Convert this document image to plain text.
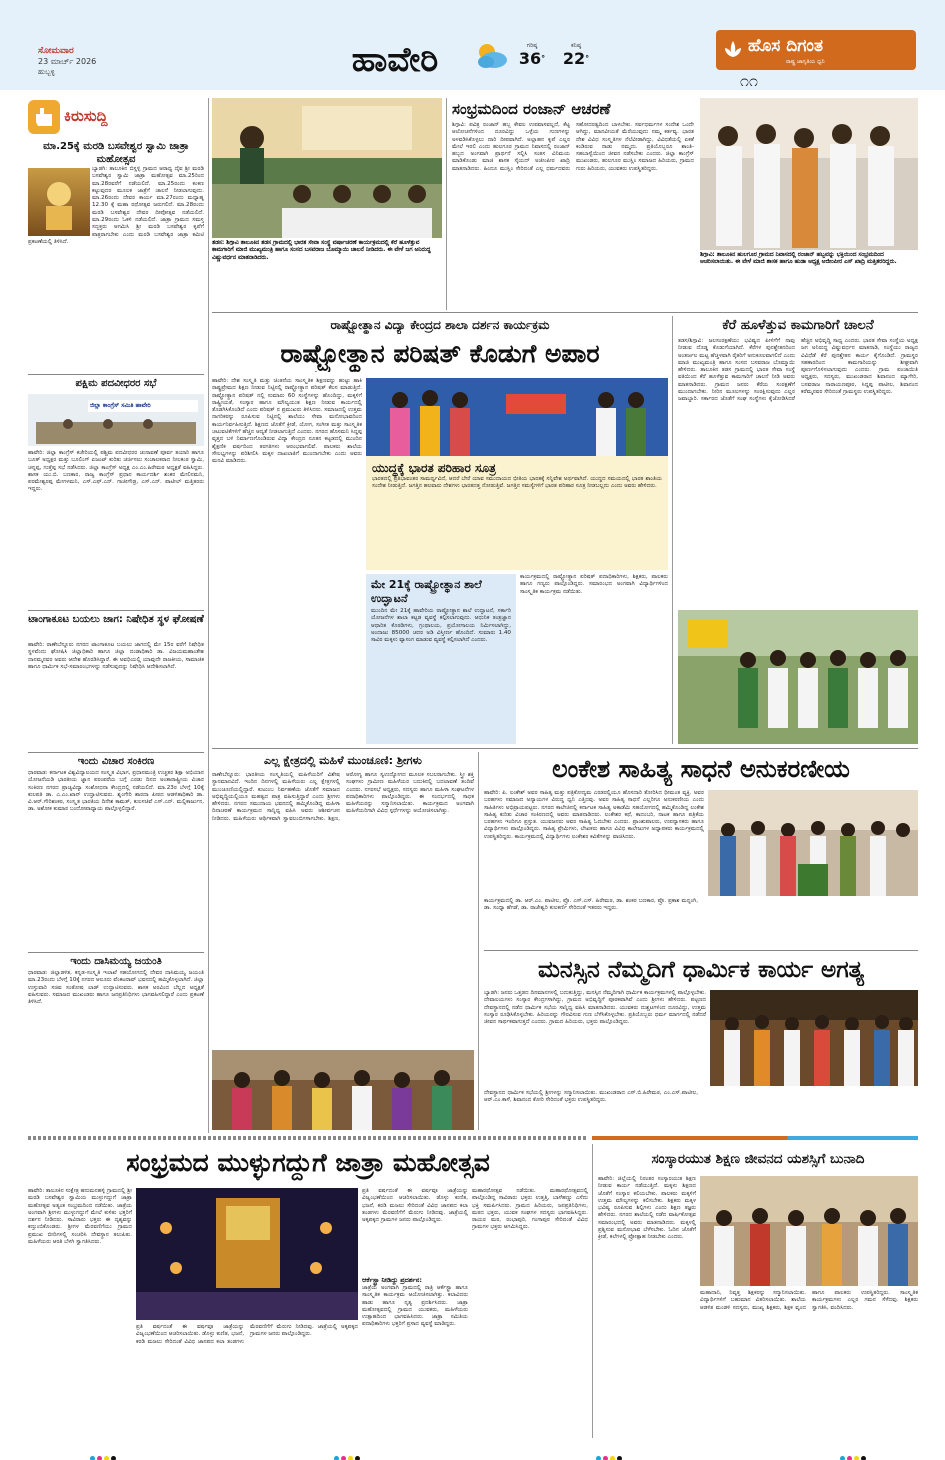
ಸೋಮವಾರ
23 ಮಾರ್ಚ್ 2026
ಹುಬ್ಬಳ್ಳಿ	ಹಾವೇರಿ	ಗರಿಷ್ಠ
36°
ಕನಿಷ್ಠ
22°
ಹೊಸ ದಿಗಂತ
ರಾಷ್ಟ್ರ ಜಾಗೃತಿಯ ಧ್ವನಿ
೧೧
ಕಿರುಸುದ್ದಿ
ಮಾ.25ಕ್ಕೆ ಮರಡಿ ಬಸವೇಶ್ವರ ಸ್ವಾಮಿ ಜಾತ್ರಾ ಮಹೋತ್ಸವ
ಬ್ಯಾಡಗಿ: ತಾಲೂಕಿನ ಬಿಸ್ಲಳ್ಳಿ ಗ್ರಾಮದ ಆರಾಧ್ಯ ದೈವ ಶ್ರೀ ಮರಡಿ ಬಸವೇಶ್ವರ ಸ್ವಾಮಿ ಜಾತ್ರಾ ಮಹೋತ್ಸವ ಮಾ.25ರಿಂದ ಮಾ.28ರವರೆಗೆ ನಡೆಯಲಿದೆ. ಮಾ.25ರಂದು ಕಂಕಣ ಕಟ್ಟುವುದರ ಮೂಲಕ ಜಾತ್ರೆಗೆ ಚಾಲನೆ ನೀಡಲಾಗುವುದು. ಮಾ.26ರಂದು ದೇವರ ಕಾರ್ಯ ಮಾ.27ರಂದು ಮಧ್ಯಾಹ್ನ 12.30 ಕ್ಕೆ ಮಹಾ ರಥೋತ್ಸವ ಜರುಗಲಿದೆ. ಮಾ.28ರಂದು ಮರಡಿ ಬಸವೇಶ್ವರ ದೇವರ ದೀಪೋತ್ಸವ ನಡೆಯಲಿದೆ. ಮಾ.29ರಂದು ಓಕಳಿ ನಡೆಯಲಿದೆ. ಜಾತ್ರಾ ಗ್ರಾಮದ ಸಮಸ್ತ ಸದ್ಭಕ್ತರು ಆಗಮಿಸಿ ಶ್ರೀ ಮರಡಿ ಬಸವೇಶ್ವರ ಕೃಪೆಗೆ ಪಾತ್ರರಾಗಬೇಕು ಎಂದು ಮರಡಿ ಬಸವೇಶ್ವರ ಜಾತ್ರಾ ಕಮಿಟಿ ಪ್ರಕಟಣೆಯಲ್ಲಿ ತಿಳಿಸಿದೆ.
ಪಕ್ಷಿಮ ಪದವೀಧರರ ಸಭೆ
ಜಿಲ್ಲಾ ಕಾಂಗ್ರೆಸ್ ಸಮಿತಿ ಹಾವೇರಿ
ಹಾವೇರಿ: ಜಿಲ್ಲಾ ಕಾಂಗ್ರೆಸ್ ಕಚೇರಿಯಲ್ಲಿ ಪಶ್ಚಿಮ ಪದವೀಧರರ ಚುನಾವಣೆ ಪೂರ್ವ ತಯಾರಿ ಹಾಗೂ ಬೂತ್ ಅಧ್ಯಕ್ಷರ ಮತ್ತು ಬೂಲಿಂಗ್ ಏಜಂಟ್ ಕುರಿತು ಚರ್ಚಿಸಲು ಸಂಚಾಲಕರಾದ ನೀಲಕಂಠ ಸ್ವಾಮಿ, ಚನ್ನಪ್ಪ, ಗುತ್ತೆಪ್ಪ ಸಭೆ ನಡೆಸಿದರು. ಜಿಲ್ಲಾ ಕಾಂಗ್ರೆಸ್ ಅಧ್ಯಕ್ಷ ಎಂ.ಎಂ.ಹಿರೇಮಠ ಅಧ್ಯಕ್ಷತೆ ವಹಿಸಿದ್ದರು. ಶಾಸಕ ಯು.ಬಿ. ಬಣಕಾರ, ರಾಜ್ಯ ಕಾಂಗ್ರೆಸ್ ಪ್ರಧಾನ ಕಾರ್ಯದರ್ಶಿ ಶಂಕರ ಮೇಲಿನಮನಿ, ಪರಮೇಶ್ವರಪ್ಪ ಮೇಗಳಮನಿ, ಎಸ್.ಎಫ್.ಎನ್. ಗಾಜೀಗೌಡ್ರ, ಎಸ್.ಎನ್. ಪಾಟೀಲ್ ಮತ್ತಿತರರು ಇದ್ದರು.
ಟಾಂಗಾಕೂಟ ಬಯಲು ಜಾಗ: ನಿಷೇಧಿತ ಸ್ಥಳ ಘೋಷಣೆ
ಹಾವೇರಿ: ರಾಣೇಬೆನ್ನೂರು ನಗರದ ಟಾಂಗಾಕೂಟ ಬಯಲು ಜಾಗದಲ್ಲಿ ಮೇ 15ರ ವರೆಗೆ ನಿಷೇಧಿತ ಸ್ಥಳವೆಂದು ಘೋಷಿಸಿ ಜಿಲ್ಲಾಧಿಕಾರಿ ಹಾಗೂ ಜಿಲ್ಲಾ ದಂಡಾಧಿಕಾರಿ ಡಾ. ವಿಜಯಮಹಾಂತೇಶ ದಾನಮ್ಮನವರ ಅವರು ಆದೇಶ ಹೊರಡಿಸಿದ್ದಾರೆ. ಈ ಅವಧಿಯಲ್ಲಿ ಯಾವುದೇ ರಾಜಕೀಯ, ಸಾಮಾಜಿಕ ಹಾಗೂ ಧಾರ್ಮಿಕ ಸಭೆ-ಸಮಾರಂಭಗಳನ್ನು ನಡೆಸುವುದನ್ನು ನಿಷೇಧಿಸಿ ಆದೇಶಿಸಲಾಗಿದೆ.
ಇಂದು ವಿಚಾರ ಸಂಕಿರಣ
ಧಾರವಾಡ: ಕರ್ನಾಟಕ ವಿಶ್ವವಿದ್ಯಾಲಯದ ಸಂಸ್ಕೃತ ವಿಭಾಗ, ಪ್ರಧಾನಮಂತ್ರಿ ಉಚ್ಚತರ ಶಿಕ್ಷಾ ಅಭಿಯಾನ ಯೋಜನೆಯಡಿ ಭಾರತೀಯ ಜ್ಞಾನ ಪರಂಪರೆಯ ಬಗ್ಗೆ ಎರಡು ದಿನದ ಅಂತಾರಾಷ್ಟ್ರೀಯ ವಿಚಾರ ಸಂಕಿರಣ ನಗರದ ಪ್ರಾಚ್ಯವಿದ್ಯಾ ಸಂಶೋಧನಾ ಕೇಂದ್ರದಲ್ಲಿ ನಡೆಯಲಿದೆ. ಮಾ.23ರ ಬೆಳಗ್ಗೆ 10ಕ್ಕೆ ಕುಲಪತಿ ಡಾ. ಎ.ಎಂ.ಖಾನ್ ಉದ್ಘಾಟಿಸುವರು. ಶೃಂಗೇರಿ ಶಾರದಾ ಪೀಠದ ಆಡಳಿತಾಧಿಕಾರಿ ಡಾ. ವಿ.ಆರ್.ಗೌರಿಶಂಕರ, ಸಂಸ್ಕೃತ ಭಾರತಿಯ ದಿನೇಶ ಕಾಮತ್, ಕುಲಸಚಿವೆ ಎಸ್.ಎನ್. ಮಲ್ಲಿಕಾರ್ಜುನ, ಡಾ. ಅಶೋಕ ಕುಮಾರ ಬಂದೋಪಾಧ್ಯಾಯ ಪಾಲ್ಗೊಳ್ಳಲಿದ್ದಾರೆ.
ಇಂದು ದಾಸಿಮಯ್ಯ ಜಯಂತಿ
ಧಾರವಾಡ: ಜಿಲ್ಲಾಡಳಿತ, ಕನ್ನಡ-ಸಂಸ್ಕೃತಿ ಇಲಾಖೆ ಸಹಯೋಗದಲ್ಲಿ ದೇವರ ದಾಸಿಮಯ್ಯ ಜಯಂತಿ ಮಾ.23ರಂದು ಬೆಳಗ್ಗೆ 10ಕ್ಕೆ ನಗರದ ಆಲೂರು ವೆಂಕಟರಾವ್ ಭವನದಲ್ಲಿ ಹಮ್ಮಿಕೊಳ್ಳಲಾಗಿದೆ. ಜಿಲ್ಲಾ ಉಸ್ತುವಾರಿ ಸಚಿವ ಸಂತೋಷ ಲಾಡ್ ಉದ್ಘಾಟಿಸುವರು. ಶಾಸಕ ಅರವಿಂದ ಬೆಲ್ಲದ ಅಧ್ಯಕ್ಷತೆ ವಹಿಸುವರು. ಸಮಾಜದ ಮುಖಂಡರು ಹಾಗೂ ಜನಪ್ರತಿನಿಧಿಗಳು ಭಾಗವಹಿಸಲಿದ್ದಾರೆ ಎಂದು ಪ್ರಕಟಣೆ ತಿಳಿಸಿದೆ.
ತಡಸ: ಶಿಗ್ಗಾವಿ ತಾಲೂಕಿನ ತಡಸ ಗ್ರಾಮದಲ್ಲಿ ಭಾರತ ಸೇವಾ ಸಂಸ್ಥೆ ವರ್ಷಾಚರಣೆ ಕಾರ್ಯಕ್ರಮದಲ್ಲಿ ಕೆರೆ ಹೂಳೆತ್ತುವ ಕಾಮಗಾರಿಗೆ ಮಾಜಿ ಮುಖ್ಯಮಂತ್ರಿ ಹಾಗೂ ಸಂಸದ ಬಸವರಾಜ ಬೊಮ್ಮಾಯಿ ಚಾಲನೆ ನೀಡಿದರು. ಈ ವೇಳೆ ಜಗ ಅನಿರುದ್ಧ ವಿಷ್ಣುವರ್ಧನ ಮಾತನಾಡಿದರು.
ಸಂಭ್ರಮದಿಂದ ರಂಜಾನ್ ಆಚರಣೆ
ಶಿಗ್ಗಾವಿ: ಪವಿತ್ರ ರಂಜಾನ್ ಹಬ್ಬ ಕೇವಲ ಉಪವಾಸವಲ್ಲದೆ, ಕೆಟ್ಟ ಆಲೋಚನೆಗಳಿಂದ ದೂರವಿದ್ದು ಒಳ್ಳೆಯ ಗುಣಗಳನ್ನು ಅಳವಡಿಸಿಕೊಳ್ಳಲು ದಾರಿ ದೀಪವಾಗಿದೆ. ಅಲ್ಲಾಹನ ಕೃಪೆ ಎಲ್ಲರ ಮೇಲೆ ಇರಲಿ ಎಂದು ಹುಲಗೂರ ಗ್ರಾಮದ ನಿವಾಸದಲ್ಲಿ ರಂಜಾನ್ ಹಬ್ಬದ ಅಂಗವಾಗಿ ಪ್ರಾರ್ಥನೆ ಸಲ್ಲಿಸಿ ಸಂತಸ ವಿನಿಮಯ ಮಾಡಿಕೊಂಡು ಮಾಜಿ ಶಾಸಕ ಸೈಯದ್ ಅಜೀಂಪೀರ ಖಾದ್ರಿ ಮಾತನಾಡಿದರು. ಹಿಂದೂ ಮುಸ್ಲಿಂ ಸೇರಿದಂತೆ ಎಲ್ಲ ಧರ್ಮದವರು ಸಹೋದರತ್ವದಿಂದ ಬಾಳಬೇಕು. ಸರ್ವಧರ್ಮಗಳ ಸಂದೇಶ ಒಂದೇ ಆಗಿದ್ದು, ಮಾನವೀಯತೆ ಮೆರೆಯುವುದು ನಮ್ಮ ಕರ್ತವ್ಯ. ಭಾರತ ದೇಶ ವಿವಿಧ ಸಂಸ್ಕೃತಿಗಳ ನೆಲೆವೀಡಾಗಿದ್ದು, ವಿವಿಧತೆಯಲ್ಲಿ ಏಕತೆ ಕಂಡಿರುವ ನಾಡು ನಮ್ಮದು. ಪ್ರತಿಯೊಬ್ಬರೂ ಶಾಂತಿ-ಸಹಬಾಳ್ವೆಯಿಂದ ಜೀವನ ನಡೆಸಬೇಕು ಎಂದರು. ಜಿಲ್ಲಾ ಕಾಂಗ್ರೆಸ್ ಮುಖಂಡರು, ಹುಲಗೂರ ಮುಸ್ಲಿಂ ಸಮಾಜದ ಹಿರಿಯರು, ಗ್ರಾಮದ ಗುರು ಹಿರಿಯರು, ಯುವಕರು ಉಪಸ್ಥಿತರಿದ್ದರು.
ಶಿಗ್ಗಾವಿ: ತಾಲೂಕಿನ ಹುಲಗೂರ ಗ್ರಾಮದ ನಿವಾಸದಲ್ಲಿ ರಂಜಾನ್ ಹಬ್ಬವನ್ನು ಭಕ್ತಿಯಿಂದ ಸಂಭ್ರಮದಿಂದ ಆಚರಿಸಲಾಯಿತು. ಈ ವೇಳೆ ಮಾಜಿ ಶಾಸಕ ಹಾಗೂ ಹುಡಾ ಅಧ್ಯಕ್ಷ ಅಜೀಂಪೀರ ಎಸ್ ಖಾದ್ರಿ ಮತ್ತಿತರರಿದ್ದರು.
ರಾಷ್ಟ್ರೋತ್ಥಾನ ವಿದ್ಯಾ ಕೇಂದ್ರದ ಶಾಲಾ ದರ್ಶನ ಕಾರ್ಯಕ್ರಮ
ರಾಷ್ಟ್ರೋತ್ಥಾನ ಪರಿಷತ್ ಕೊಡುಗೆ ಅಪಾರ
ಹಾವೇರಿ: ದೇಶ ಸಂಸ್ಕೃತಿ ಮತ್ತು ಚಿಂತನೆಯ ಸಾಂಸ್ಕೃತಿಕ ಶಿಕ್ಷಣವನ್ನು ಹುಟ್ಟು ಹಾಕಿ ರಾಷ್ಟ್ರಪ್ರೇಮದ ಶಿಕ್ಷಣ ನೀಡುವ ನಿಟ್ಟಿನಲ್ಲಿ ರಾಷ್ಟ್ರೋತ್ಥಾನ ಪರಿಷತ್ ಕೆಲಸ ಮಾಡುತ್ತಿದೆ. ರಾಷ್ಟ್ರೋತ್ಥಾನ ಪರಿಷತ್ ನಲ್ಲಿ ಸುಮಾರು 60 ಸಂಸ್ಥೆಗಳನ್ನು ಹೊಂದಿದ್ದು, ಮಕ್ಕಳಿಗೆ ರಾಷ್ಟ್ರೀಯತೆ, ಸಂಸ್ಕಾರ ಹಾಗೂ ಮೌಲ್ಯಯುತ ಶಿಕ್ಷಣ ನೀಡುವ ಕಾರ್ಯದಲ್ಲಿ ತೊಡಗಿಸಿಕೊಂಡಿದೆ ಎಂದು ಪರಿಷತ್ ನ ಪ್ರಮುಖರು ತಿಳಿಸಿದರು. ಸಮಾಜದಲ್ಲಿ ಉತ್ತಮ ನಾಗರಿಕರನ್ನು ರೂಪಿಸುವ ನಿಟ್ಟಿನಲ್ಲಿ ಶಾಲೆಯು ಸೇವಾ ಮನೋಭಾವದಿಂದ ಕಾರ್ಯನಿರ್ವಹಿಸುತ್ತಿದೆ. ಶಿಕ್ಷಣದ ಜೊತೆಗೆ ಕ್ರೀಡೆ, ಯೋಗ, ಸಂಗೀತ ಮತ್ತು ಸಾಂಸ್ಕೃತಿಕ ಚಟುವಟಿಕೆಗಳಿಗೆ ಹೆಚ್ಚಿನ ಆದ್ಯತೆ ನೀಡಲಾಗುತ್ತಿದೆ ಎಂದರು. ನಗರದ ಹೊಸಮನಿ ಸಿದ್ದಪ್ಪ ವೃತ್ತದ ಬಳಿ ನಿರ್ಮಾಣಗೊಂಡಿರುವ ವಿದ್ಯಾ ಕೇಂದ್ರದ ನೂತನ ಕಟ್ಟಡದಲ್ಲಿ ಮುಂದಿನ ಶೈಕ್ಷಣಿಕ ವರ್ಷದಿಂದ ತರಗತಿಗಳು ಆರಂಭವಾಗಲಿವೆ. ಪಾಲಕರು ಶಾಲೆಯ ಸೌಲಭ್ಯಗಳನ್ನು ಪರಿಶೀಲಿಸಿ ಮಕ್ಕಳ ದಾಖಲಾತಿಗೆ ಮುಂದಾಗಬೇಕು ಎಂದು ಅವರು ಮನವಿ ಮಾಡಿದರು.	ಯುದ್ಧಕ್ಕೆ ಭಾರತ ಪರಿಹಾರ ಸೂತ್ರ
ಭಾರತದಲ್ಲಿ ಪ್ರತಿಭಾವಂತರ ಸಾಮರ್ಥ್ಯವಿದೆ, ಆದರೆ ಬೇರೆ ಯಾವ ಸಮುದಾಯದ ಭೀತಿಯ ಭಾರತಕ್ಕೆ ಸನ್ನಿವೇಶ ಅರ್ಥವಾಗಿದೆ. ಯುದ್ಧದ ಸಮಯದಲ್ಲಿ ಭಾರತ ಶಾಂತಿಯ ಸಂದೇಶ ನೀಡುತ್ತಿದೆ. ಜಗತ್ತಿನ ಹಲವಾರು ದೇಶಗಳು ಭಾರತದತ್ತ ನೋಡುತ್ತಿವೆ. ಜಗತ್ತಿನ ಸಮಸ್ಯೆಗಳಿಗೆ ಭಾರತ ಪರಿಹಾರ ಸೂತ್ರ ನೀಡಬಲ್ಲದು ಎಂದು ಅವರು ಹೇಳಿದರು.
ಮೇ 21ಕ್ಕೆ ರಾಷ್ಟ್ರೋತ್ಥಾನ ಶಾಲೆ ಉದ್ಘಾಟನೆ
ಮುಂದಿನ ಮೇ 21ಕ್ಕೆ ಹಾವೇರಿಯ ರಾಷ್ಟ್ರೋತ್ಥಾನ ಶಾಲೆ ಉದ್ಘಾಟನೆ, ಸರ್ಕಾರಿ ಯೋಜನೆಗಳ ಶಾಲಾ ಕಟ್ಟಡ ವ್ಯವಸ್ಥೆ ಕಲ್ಪಿಸಲಾಗುವುದು. ಆಧುನಿಕ ತಂತ್ರಜ್ಞಾನ ಆಧಾರಿತ ಕೊಠಡಿಗಳು, ಗ್ರಂಥಾಲಯ, ಪ್ರಯೋಗಾಲಯ ನಿರ್ಮಿಸಲಾಗಿದ್ದು, ಅಂದಾಜು 85000 ಚದರ ಅಡಿ ವಿಸ್ತೀರ್ಣ ಹೊಂದಿದೆ. ಸುಮಾರು 1.40 ಸಾವಿರ ಮಕ್ಕಳು ವ್ಯಾಸಂಗ ಮಾಡುವ ವ್ಯವಸ್ಥೆ ಕಲ್ಪಿಸಲಾಗಿದೆ ಎಂದರು.
ಕಾರ್ಯಕ್ರಮದಲ್ಲಿ ರಾಷ್ಟ್ರೋತ್ಥಾನ ಪರಿಷತ್ ಪದಾಧಿಕಾರಿಗಳು, ಶಿಕ್ಷಕರು, ಪಾಲಕರು ಹಾಗೂ ಗಣ್ಯರು ಪಾಲ್ಗೊಂಡಿದ್ದರು. ಸಮಾರಂಭದ ಅಂಗವಾಗಿ ವಿದ್ಯಾರ್ಥಿಗಳಿಂದ ಸಾಂಸ್ಕೃತಿಕ ಕಾರ್ಯಕ್ರಮ ನಡೆಯಿತು.
ಕೆರೆ ಹೂಳೆತ್ತುವ ಕಾಮಗಾರಿಗೆ ಚಾಲನೆ
ತಡಸ/ಶಿಗ್ಗಾವಿ: ಜಲಸಂರಕ್ಷಣೆಯು ಭವಿಷ್ಯದ ಪೀಳಿಗೆಗೆ ನಾವು ನೀಡುವ ದೊಡ್ಡ ಕೊಡುಗೆಯಾಗಿದೆ. ಕೆರೆಗಳ ಪುನಶ್ಚೇತನದಿಂದ ಅಂತರ್ಜಲ ಮಟ್ಟ ಹೆಚ್ಚಳವಾಗಿ ರೈತರಿಗೆ ಅನುಕೂಲವಾಗಲಿದೆ ಎಂದು ಮಾಜಿ ಮುಖ್ಯಮಂತ್ರಿ ಹಾಗೂ ಸಂಸದ ಬಸವರಾಜ ಬೊಮ್ಮಾಯಿ ಹೇಳಿದರು. ತಾಲೂಕಿನ ತಡಸ ಗ್ರಾಮದಲ್ಲಿ ಭಾರತ ಸೇವಾ ಸಂಸ್ಥೆ ವತಿಯಿಂದ ಕೆರೆ ಹೂಳೆತ್ತುವ ಕಾಮಗಾರಿಗೆ ಚಾಲನೆ ನೀಡಿ ಅವರು ಮಾತನಾಡಿದರು. ಗ್ರಾಮದ ಜನರು ಕೆರೆಯ ಸಂರಕ್ಷಣೆಗೆ ಮುಂದಾಗಬೇಕು. ನೀರಿನ ಮೂಲಗಳನ್ನು ಸಂರಕ್ಷಿಸುವುದು ಎಲ್ಲರ ಜವಾಬ್ದಾರಿ. ಸರ್ಕಾರದ ಜೊತೆಗೆ ಸಂಘ ಸಂಸ್ಥೆಗಳು ಕೈಜೋಡಿಸಿದರೆ ಹೆಚ್ಚಿನ ಅಭಿವೃದ್ಧಿ ಸಾಧ್ಯ ಎಂದರು. ಭಾರತ ಸೇವಾ ಸಂಸ್ಥೆಯ ಅಧ್ಯಕ್ಷ ಜಗ ಅನಿರುದ್ಧ ವಿಷ್ಣುವರ್ಧನ ಮಾತನಾಡಿ, ಸಂಸ್ಥೆಯು ರಾಜ್ಯದ ವಿವಿಧೆಡೆ ಕೆರೆ ಪುನಶ್ಚೇತನ ಕಾರ್ಯ ಕೈಗೊಂಡಿದೆ. ಗ್ರಾಮಸ್ಥರ ಸಹಕಾರದಿಂದ ಕಾಮಗಾರಿಯನ್ನು ಶೀಘ್ರವಾಗಿ ಪೂರ್ಣಗೊಳಿಸಲಾಗುವುದು ಎಂದರು. ಗ್ರಾಮ ಪಂಚಾಯಿತಿ ಅಧ್ಯಕ್ಷರು, ಸದಸ್ಯರು, ಮುಖಂಡರಾದ ಶಿವಾನಂದ ಮ್ಯಾಗೇರಿ, ಬಸವರಾಜ ನಾರಾಯಣಪೂರ, ಸಿದ್ದಪ್ಪ ಪಾಟೀಲ, ಶಿವಾನಂದ ಕರೆಮ್ಮನವರ ಸೇರಿದಂತೆ ಗ್ರಾಮಸ್ಥರು ಉಪಸ್ಥಿತರಿದ್ದರು.
ಎಲ್ಲ ಕ್ಷೇತ್ರದಲ್ಲಿ ಮಹಿಳೆ ಮುಂಚೂಣಿ: ಶ್ರೀಗಳು
ರಾಣೇಬೆನ್ನೂರು: ಭಾರತೀಯ ಸಂಸ್ಕೃತಿಯಲ್ಲಿ ಮಹಿಳೆಯರಿಗೆ ವಿಶೇಷ ಸ್ಥಾನಮಾನವಿದೆ. ಇಂದಿನ ದಿನಗಳಲ್ಲಿ ಮಹಿಳೆಯರು ಎಲ್ಲ ಕ್ಷೇತ್ರಗಳಲ್ಲಿ ಮುಂಚೂಣಿಯಲ್ಲಿದ್ದಾರೆ. ಕುಟುಂಬ ನಿರ್ವಹಣೆಯ ಜೊತೆಗೆ ಸಮಾಜದ ಅಭಿವೃದ್ಧಿಯಲ್ಲಿಯೂ ಮಹತ್ವದ ಪಾತ್ರ ವಹಿಸುತ್ತಿದ್ದಾರೆ ಎಂದು ಶ್ರೀಗಳು ಹೇಳಿದರು. ನಗರದ ಸಮುದಾಯ ಭವನದಲ್ಲಿ ಹಮ್ಮಿಕೊಂಡಿದ್ದ ಮಹಿಳಾ ದಿನಾಚರಣೆ ಕಾರ್ಯಕ್ರಮದ ಸಾನ್ನಿಧ್ಯ ವಹಿಸಿ ಅವರು ಆಶೀರ್ವಚನ ನೀಡಿದರು. ಮಹಿಳೆಯರು ಆರ್ಥಿಕವಾಗಿ ಸ್ವಾವಲಂಬಿಗಳಾಗಬೇಕು. ಶಿಕ್ಷಣ, ಆರೋಗ್ಯ ಹಾಗೂ ಸ್ವಉದ್ಯೋಗದ ಮೂಲಕ ಸಬಲರಾಗಬೇಕು. ಸ್ತ್ರೀ ಶಕ್ತಿ ಸಂಘಗಳು ಗ್ರಾಮೀಣ ಮಹಿಳೆಯರ ಬದುಕಿನಲ್ಲಿ ಬದಲಾವಣೆ ತಂದಿವೆ ಎಂದರು. ನಗರಸಭೆ ಅಧ್ಯಕ್ಷರು, ಸದಸ್ಯರು ಹಾಗೂ ಮಹಿಳಾ ಸಂಘಟನೆಗಳ ಪದಾಧಿಕಾರಿಗಳು ಪಾಲ್ಗೊಂಡಿದ್ದರು. ಈ ಸಂದರ್ಭದಲ್ಲಿ ಸಾಧಕ ಮಹಿಳೆಯರನ್ನು ಸನ್ಮಾನಿಸಲಾಯಿತು. ಕಾರ್ಯಕ್ರಮದ ಅಂಗವಾಗಿ ಮಹಿಳೆಯರಿಗಾಗಿ ವಿವಿಧ ಸ್ಪರ್ಧೆಗಳನ್ನು ಆಯೋಜಿಸಲಾಗಿತ್ತು.
ಲಂಕೇಶ ಸಾಹಿತ್ಯ ಸಾಧನೆ ಅನುಕರಣೀಯ
ಹಾವೇರಿ: ಪಿ. ಲಂಕೇಶ್ ಅವರ ಸಾಹಿತ್ಯ ಮತ್ತು ಪತ್ರಿಕೋದ್ಯಮ ಎರಡರಲ್ಲಿಯೂ ಹೊಸದಾರಿ ತೋರಿಸಿದ ಧೀಮಂತ ವ್ಯಕ್ತಿ. ಅವರ ಬರಹಗಳು ಸಮಾಜದ ಅನ್ಯಾಯಗಳ ವಿರುದ್ಧ ಧ್ವನಿ ಎತ್ತಿದವು. ಅವರ ಸಾಹಿತ್ಯ ಸಾಧನೆ ಎಲ್ಲರಿಗೂ ಅನುಕರಣೀಯ ಎಂದು ಸಾಹಿತಿಗಳು ಅಭಿಪ್ರಾಯಪಟ್ಟರು. ನಗರದ ಕಾಲೇಜಿನಲ್ಲಿ ಕರ್ನಾಟಕ ಸಾಹಿತ್ಯ ಅಕಾಡೆಮಿ ಸಹಯೋಗದಲ್ಲಿ ಹಮ್ಮಿಕೊಂಡಿದ್ದ ಲಂಕೇಶ ಸಾಹಿತ್ಯ ಕುರಿತು ವಿಚಾರ ಸಂಕಿರಣದಲ್ಲಿ ಅವರು ಮಾತನಾಡಿದರು. ಲಂಕೇಶರ ಕಥೆ, ಕಾದಂಬರಿ, ನಾಟಕ ಹಾಗೂ ಪತ್ರಿಕೆಯ ಬರಹಗಳು ಇಂದಿಗೂ ಪ್ರಸ್ತುತ. ಯುವಜನರು ಅವರ ಸಾಹಿತ್ಯ ಓದಬೇಕು ಎಂದರು. ಪ್ರಾಂಶುಪಾಲರು, ಉಪನ್ಯಾಸಕರು ಹಾಗೂ ವಿದ್ಯಾರ್ಥಿಗಳು ಪಾಲ್ಗೊಂಡಿದ್ದರು. ಸಾಹಿತ್ಯ ಪ್ರೇಮಿಗಳು, ಲೇಖಕರು ಹಾಗೂ ವಿವಿಧ ಕಾಲೇಜುಗಳ ಅಧ್ಯಾಪಕರು ಕಾರ್ಯಕ್ರಮದಲ್ಲಿ ಉಪಸ್ಥಿತರಿದ್ದರು. ಕಾರ್ಯಕ್ರಮದಲ್ಲಿ ವಿದ್ಯಾರ್ಥಿಗಳು ಲಂಕೇಶರ ಕವಿತೆಗಳನ್ನು ವಾಚಿಸಿದರು.
ಕಾರ್ಯಕ್ರಮದಲ್ಲಿ ಡಾ. ಆರ್.ಎಂ. ಪಾಟೀಲ, ಪ್ರೊ. ಎಸ್.ಎಸ್. ಹಿರೇಮಠ, ಡಾ. ಶಂಕರ ಬಣಕಾರ, ಪ್ರೊ. ಪ್ರಕಾಶ ಮನ್ನಂಗಿ, ಡಾ. ಸಂಧ್ಯಾ ಹೆಗಡೆ, ಡಾ. ರಾಜೇಶ್ವರಿ ಕುಲಕರ್ಣಿ ಸೇರಿದಂತೆ ಇತರರು ಇದ್ದರು.
ಮನಸ್ಸಿನ ನೆಮ್ಮದಿಗೆ ಧಾರ್ಮಿಕ ಕಾರ್ಯ ಅಗತ್ಯ
ಬ್ಯಾಡಗಿ: ಜನರು ಒತ್ತಡದ ದಿನಮಾನಗಳಲ್ಲಿ ಬದುಕುತ್ತಿದ್ದು, ಮನಸ್ಸಿನ ನೆಮ್ಮದಿಗಾಗಿ ಧಾರ್ಮಿಕ ಕಾರ್ಯಕ್ರಮಗಳಲ್ಲಿ ಪಾಲ್ಗೊಳ್ಳಬೇಕು. ದೇವಾಲಯಗಳು ಸಂಸ್ಕಾರ ಕೇಂದ್ರಗಳಾಗಿದ್ದು, ಗ್ರಾಮದ ಅಭಿವೃದ್ಧಿಗೆ ಪೂರಕವಾಗಿವೆ ಎಂದು ಶ್ರೀಗಳು ಹೇಳಿದರು. ಪಟ್ಟಣದ ದೇವಸ್ಥಾನದಲ್ಲಿ ನಡೆದ ಧಾರ್ಮಿಕ ಸಭೆಯ ಸಾನ್ನಿಧ್ಯ ವಹಿಸಿ ಮಾತನಾಡಿದರು. ಯುವಕರು ದುಶ್ಚಟಗಳಿಂದ ದೂರವಿದ್ದು, ಉತ್ತಮ ಸಂಸ್ಕಾರ ರೂಢಿಸಿಕೊಳ್ಳಬೇಕು. ಹಿರಿಯರನ್ನು ಗೌರವಿಸುವ ಗುಣ ಬೆಳೆಸಿಕೊಳ್ಳಬೇಕು. ಪ್ರತಿಯೊಬ್ಬರು ಧರ್ಮ ಮಾರ್ಗದಲ್ಲಿ ನಡೆದರೆ ಜೀವನ ಸಾರ್ಥಕವಾಗುತ್ತದೆ ಎಂದರು. ಗ್ರಾಮದ ಹಿರಿಯರು, ಭಕ್ತರು ಪಾಲ್ಗೊಂಡಿದ್ದರು.
ದೇವಸ್ಥಾನದ ಧಾರ್ಮಿಕ ಸಭೆಯಲ್ಲಿ ಶ್ರೀಗಳನ್ನು ಸನ್ಮಾನಿಸಲಾಯಿತು. ಮುಖಂಡರಾದ ಎಸ್.ಬಿ.ಹಿರೇಮಠ, ಎಂ.ಎಸ್.ಪಾಟೀಲ, ಆರ್.ಎಂ.ಕಾಳೆ, ಶಿವಾನಂದ ಕೋರಿ ಸೇರಿದಂತೆ ಭಕ್ತರು ಉಪಸ್ಥಿತರಿದ್ದರು.
ಸಂಭ್ರಮದ ಮುಳ್ಳುಗದ್ದುಗೆ ಜಾತ್ರಾ ಮಹೋತ್ಸವ
ಹಾವೇರಿ: ತಾಲೂಕಿನ ಸುಕ್ಷೇತ್ರ ಹನುಮನಹಳ್ಳಿ ಗ್ರಾಮದಲ್ಲಿ ಶ್ರೀ ಮರಡಿ ಬಸವೇಶ್ವರ ಸ್ವಾಮಿಯ ಮುಳ್ಳುಗದ್ದುಗೆ ಜಾತ್ರಾ ಮಹೋತ್ಸವ ಅತ್ಯಂತ ಸಂಭ್ರಮದಿಂದ ನಡೆಯಿತು. ಜಾತ್ರೆಯ ಅಂಗವಾಗಿ ಶ್ರೀಗಳು ಮುಳ್ಳುಗದ್ದುಗೆ ಮೇಲೆ ಕುಳಿತು ಭಕ್ತರಿಗೆ ದರ್ಶನ ನೀಡಿದರು. ಸಾವಿರಾರು ಭಕ್ತರು ಈ ದೃಶ್ಯವನ್ನು ಕಣ್ತುಂಬಿಕೊಂಡರು. ಶ್ರೀಗಳ ಮೆರವಣಿಗೆಯು ಗ್ರಾಮದ ಪ್ರಮುಖ ಬೀದಿಗಳಲ್ಲಿ ಸಂಚರಿಸಿ ದೇವಸ್ಥಾನ ತಲುಪಿತು. ಮಹಿಳೆಯರು ಆರತಿ ಬೆಳಗಿ ಸ್ವಾಗತಿಸಿದರು.
ಪ್ರತಿ ವರ್ಷದಂತೆ ಈ ವರ್ಷವೂ ಜಾತ್ರೆಯನ್ನು ವಿಜೃಂಭಣೆಯಿಂದ ಆಚರಿಸಲಾಯಿತು. ಡೊಳ್ಳು ಕುಣಿತ, ಭಜನೆ, ಕರಡಿ ಮಜಲು ಸೇರಿದಂತೆ ವಿವಿಧ ಜಾನಪದ ಕಲಾ ತಂಡಗಳು ಮೆರವಣಿಗೆಗೆ ಮೆರುಗು ನೀಡಿದವು. ಜಾತ್ರೆಯಲ್ಲಿ ಅಕ್ಕಪಕ್ಕದ ಗ್ರಾಮಗಳ ಜನರು ಪಾಲ್ಗೊಂಡಿದ್ದರು.
ಪ್ರತಿ ವರ್ಷದಂತೆ ಈ ವರ್ಷವೂ ಜಾತ್ರೆಯನ್ನು ವಿಜೃಂಭಣೆಯಿಂದ ಆಚರಿಸಲಾಯಿತು. ಡೊಳ್ಳು ಕುಣಿತ, ಭಜನೆ, ಕರಡಿ ಮಜಲು ಸೇರಿದಂತೆ ವಿವಿಧ ಜಾನಪದ ಕಲಾ ತಂಡಗಳು ಮೆರವಣಿಗೆಗೆ ಮೆರುಗು ನೀಡಿದವು. ಜಾತ್ರೆಯಲ್ಲಿ ಅಕ್ಕಪಕ್ಕದ ಗ್ರಾಮಗಳ ಜನರು ಪಾಲ್ಗೊಂಡಿದ್ದರು.
ಆರ್ಕೆಸ್ಟ್ರಾ ನೀಡಿದ್ದು ಪ್ರದರ್ಶನ:
ಜಾತ್ರೆಯ ಅಂಗವಾಗಿ ಗ್ರಾಮದಲ್ಲಿ ರಾತ್ರಿ ಆರ್ಕೆಸ್ಟ್ರಾ ಹಾಗೂ ಸಾಂಸ್ಕೃತಿಕ ಕಾರ್ಯಕ್ರಮ ಆಯೋಜಿಸಲಾಗಿತ್ತು. ಕಲಾವಿದರು ಹಾಡು ಹಾಗೂ ನೃತ್ಯ ಪ್ರದರ್ಶಿಸಿದರು. ಜಾತ್ರಾ ಮಹೋತ್ಸವದಲ್ಲಿ ಗ್ರಾಮದ ಯುವಕರು, ಮಹಿಳೆಯರು ಉತ್ಸಾಹದಿಂದ ಭಾಗವಹಿಸಿದರು. ಜಾತ್ರಾ ಸಮಿತಿಯ ಪದಾಧಿಕಾರಿಗಳು ಭಕ್ತರಿಗೆ ಪ್ರಸಾದ ವ್ಯವಸ್ಥೆ ಮಾಡಿದ್ದರು.
ಮಹಾರಥೋತ್ಸವ ನಡೆಯಿತು. ಮಹಾರಥೋತ್ಸವದಲ್ಲಿ ಪಾಲ್ಗೊಂಡಿದ್ದ ಸಾವಿರಾರು ಭಕ್ತರು ಉತ್ತತ್ತಿ, ಬಾಳೆಹಣ್ಣು ಎಸೆದು ಭಕ್ತಿ ಸಮರ್ಪಿಸಿದರು. ಗ್ರಾಮದ ಹಿರಿಯರು, ಜನಪ್ರತಿನಿಧಿಗಳು, ಮಠದ ಭಕ್ತರು, ಯುವಕ ಸಂಘಗಳ ಸದಸ್ಯರು ಭಾಗವಹಿಸಿದ್ದರು. ರಾಯರ ಮಠ, ರಂಭಾಪುರಿ, ಗಂಗಾಪುರ ಸೇರಿದಂತೆ ವಿವಿಧ ಗ್ರಾಮಗಳ ಭಕ್ತರು ಆಗಮಿಸಿದ್ದರು.
ಸಂಸ್ಕಾರಯುತ ಶಿಕ್ಷಣ ಜೀವನದ ಯಶಸ್ಸಿಗೆ ಬುನಾದಿ
ಹಾವೇರಿ: ಜಿಲ್ಲೆಯಲ್ಲಿ ನಿರಂತರ ಸಂಸ್ಕಾರಯುತ ಶಿಕ್ಷಣ ನೀಡುವ ಕಾರ್ಯ ನಡೆಯುತ್ತಿದೆ. ಮಕ್ಕಳು ಶಿಕ್ಷಣದ ಜೊತೆಗೆ ಸಂಸ್ಕಾರ ಕಲಿಯಬೇಕು. ಪಾಲಕರು ಮಕ್ಕಳಿಗೆ ಉತ್ತಮ ಮೌಲ್ಯಗಳನ್ನು ಕಲಿಸಬೇಕು. ಶಿಕ್ಷಕರು ಮಕ್ಕಳ ಭವಿಷ್ಯ ರೂಪಿಸುವ ಶಿಲ್ಪಿಗಳು ಎಂದು ಶಿಕ್ಷಣ ತಜ್ಞರು ಹೇಳಿದರು. ನಗರದ ಶಾಲೆಯಲ್ಲಿ ನಡೆದ ವಾರ್ಷಿಕೋತ್ಸವ ಸಮಾರಂಭದಲ್ಲಿ ಅವರು ಮಾತನಾಡಿದರು. ಮಕ್ಕಳಲ್ಲಿ ಪ್ರಶ್ನಿಸುವ ಮನೋಭಾವ ಬೆಳೆಸಬೇಕು. ಓದಿನ ಜೊತೆಗೆ ಕ್ರೀಡೆ, ಕಲೆಗಳಲ್ಲಿ ಪ್ರೋತ್ಸಾಹ ನೀಡಬೇಕು ಎಂದರು.
ಮಹಾದಾನಿ, ನಿವೃತ್ತ ಶಿಕ್ಷಕರನ್ನು ಸನ್ಮಾನಿಸಲಾಯಿತು. ವಿದ್ಯಾರ್ಥಿಗಳಿಗೆ ಬಹುಮಾನ ವಿತರಿಸಲಾಯಿತು. ಶಾಲೆಯ ಆಡಳಿತ ಮಂಡಳಿ ಸದಸ್ಯರು, ಮುಖ್ಯ ಶಿಕ್ಷಕರು, ಶಿಕ್ಷಕ ವೃಂದ ಹಾಗೂ ಪಾಲಕರು ಉಪಸ್ಥಿತರಿದ್ದರು. ಸಾಂಸ್ಕೃತಿಕ ಕಾರ್ಯಕ್ರಮಗಳು ಎಲ್ಲರ ಗಮನ ಸೆಳೆದವು. ಶಿಕ್ಷಕರು ಸ್ವಾಗತಿಸಿ, ವಂದಿಸಿದರು.
